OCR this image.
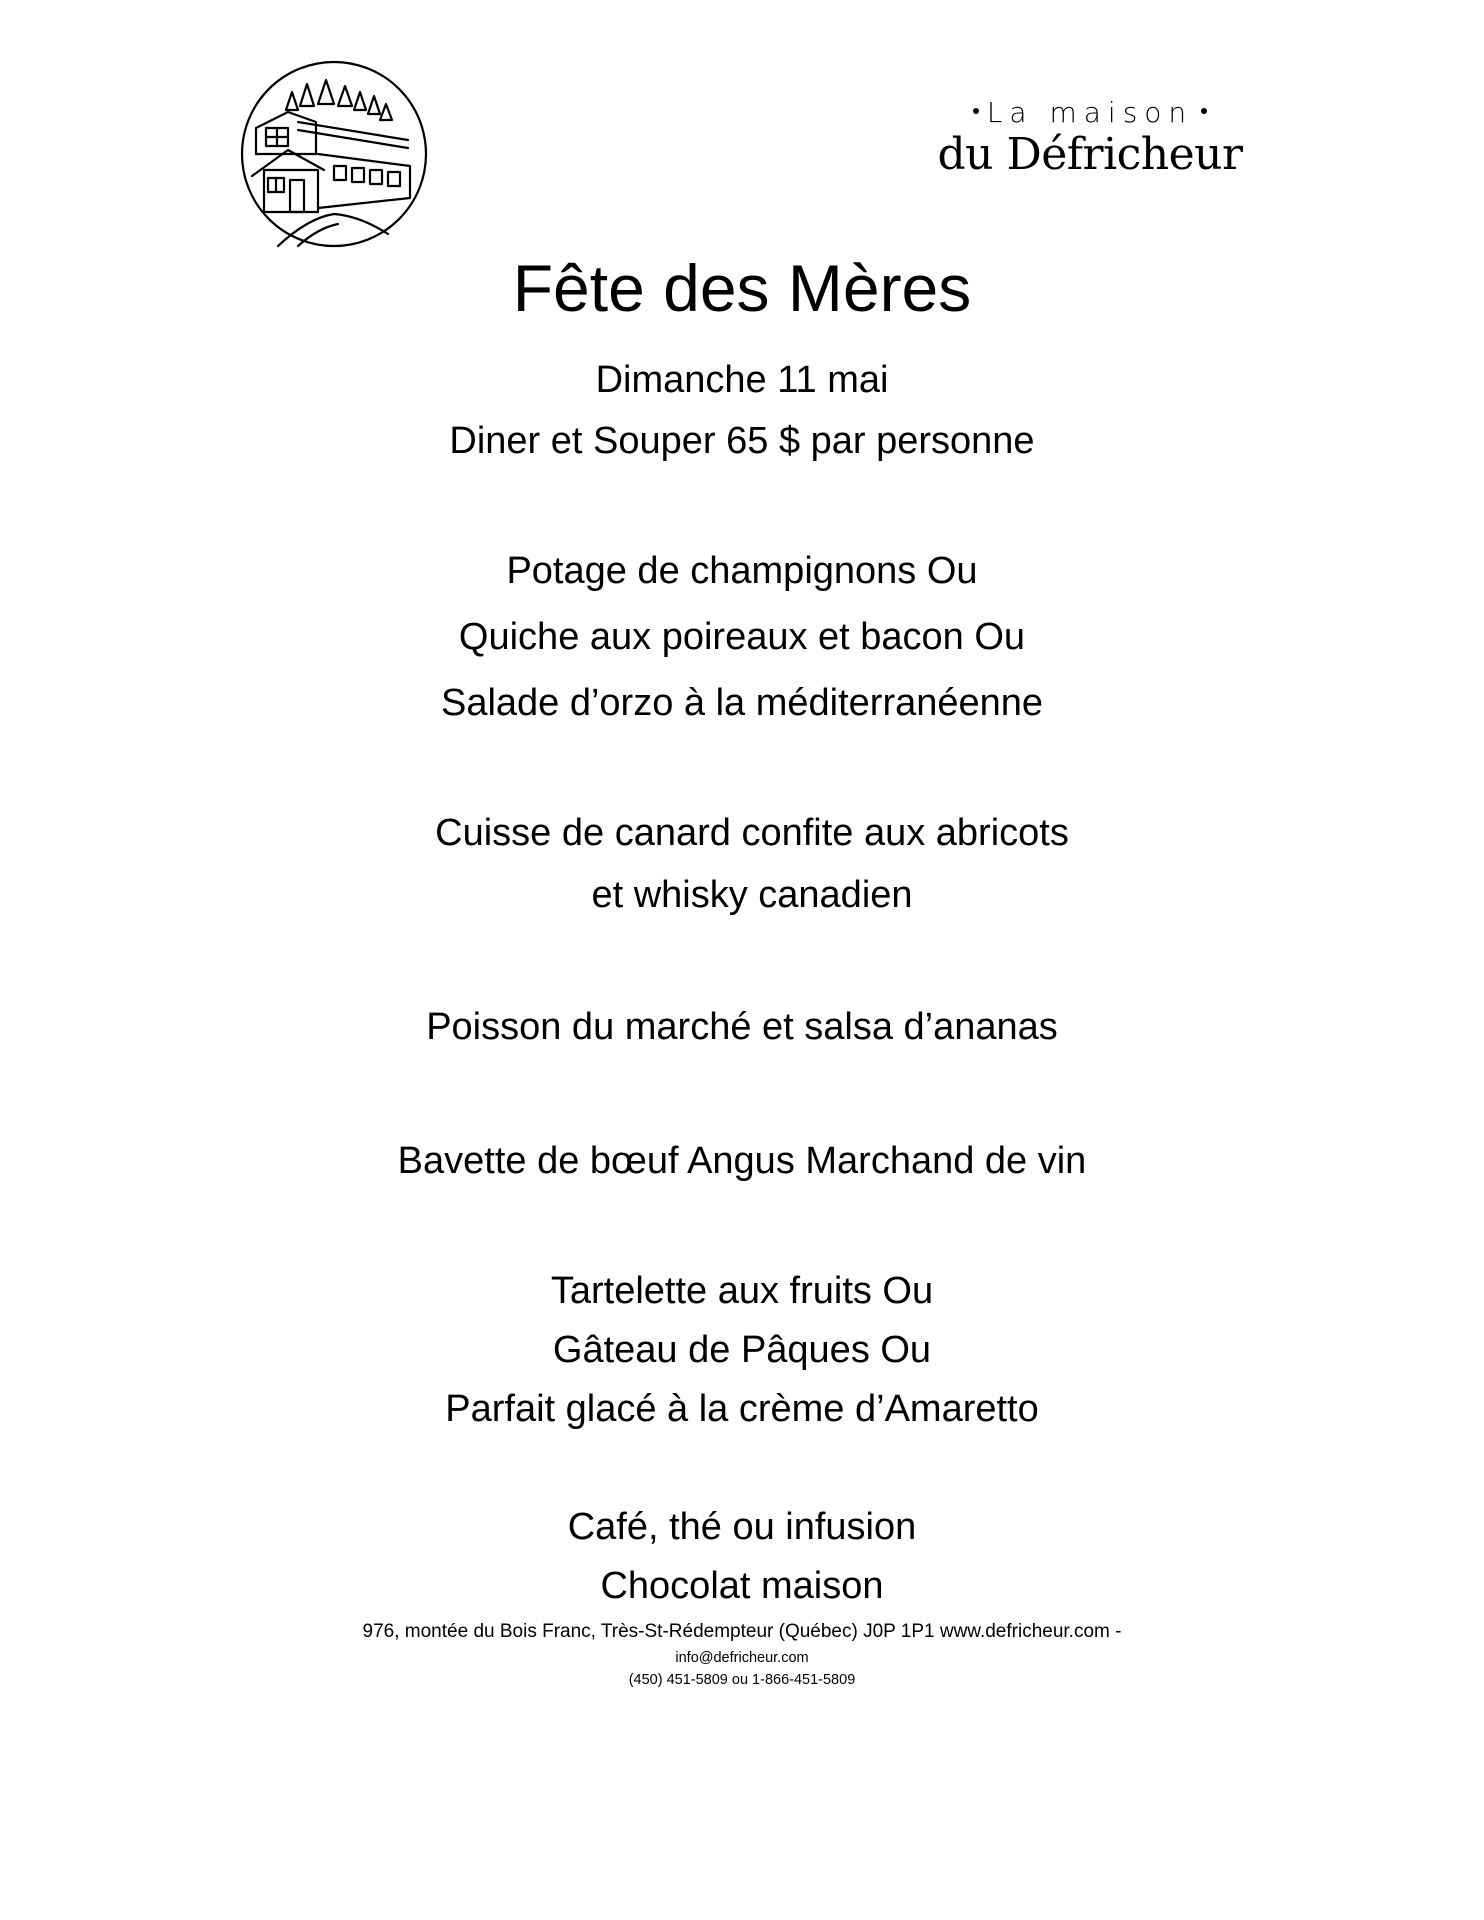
La maison
du Défricheur
Fête des Mères
Dimanche 11 mai
Diner et Souper 65 $ par personne
Potage de champignons Ou
Quiche aux poireaux et bacon Ou
Salade d’orzo à la méditerranéenne
Cuisse de canard confite aux abricots
et whisky canadien
Poisson du marché et salsa d’ananas
Bavette de bœuf Angus Marchand de vin
Tartelette aux fruits Ou
Gâteau de Pâques Ou
Parfait glacé à la crème d’Amaretto
Café, thé ou infusion
Chocolat maison
976, montée du Bois Franc, Très-St-Rédempteur (Québec) J0P 1P1 www.defricheur.com -
info@defricheur.com
(450) 451-5809 ou 1-866-451-5809
